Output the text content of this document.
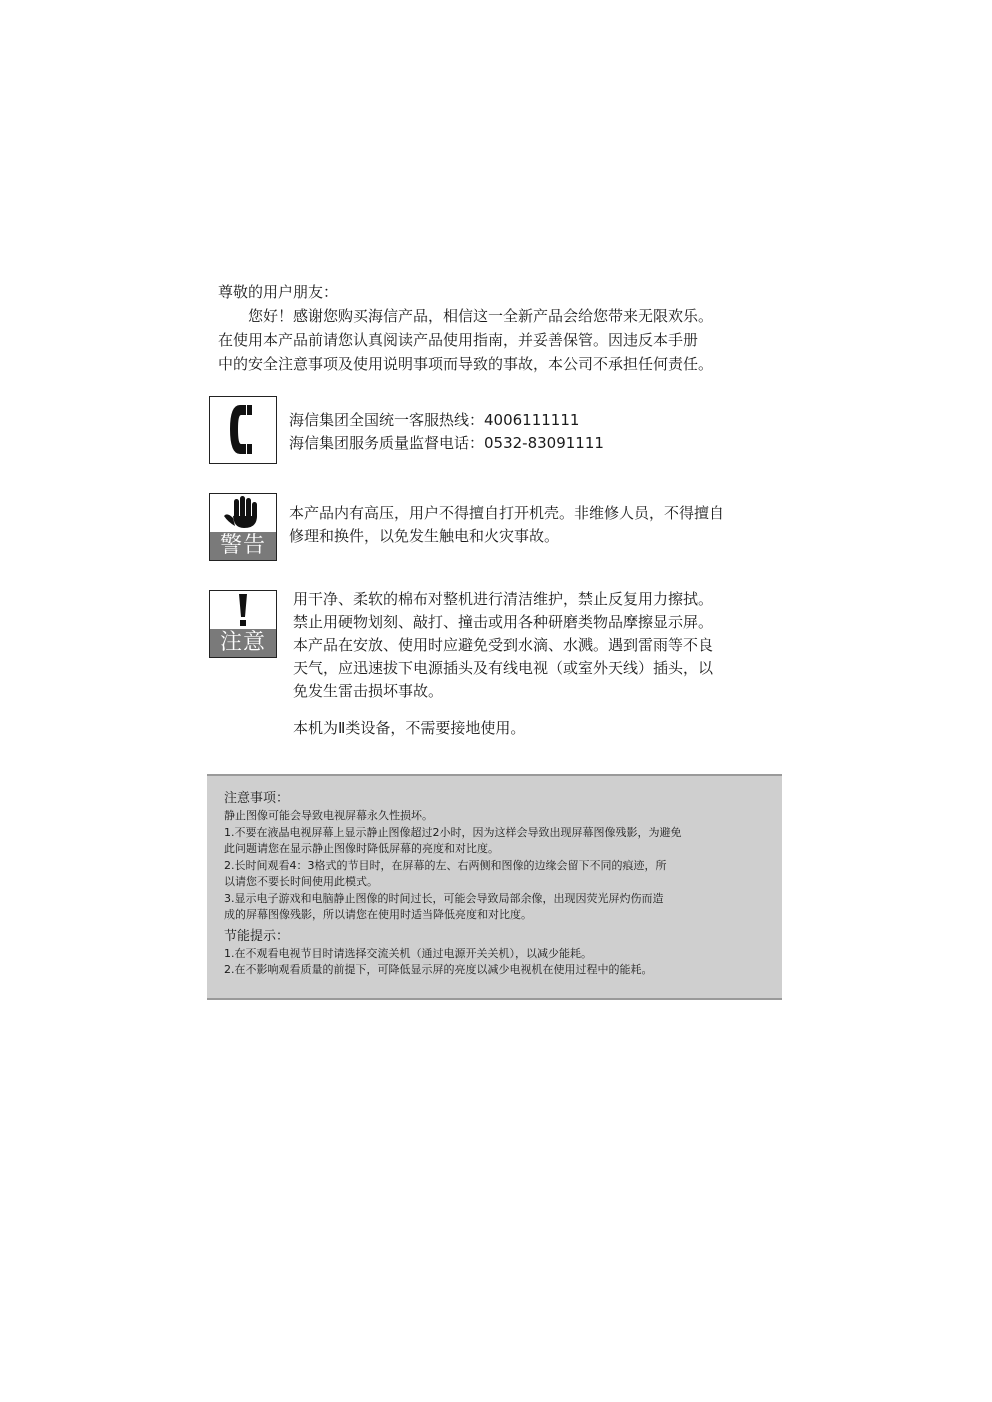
尊敬的用户朋友：

您好！感谢您购买海信产品，相信这一全新产品会给您带来无限欢乐。

在使用本产品前请您认真阅读产品使用指南，并妥善保管。因违反本手册

中的安全注意事项及使用说明事项而导致的事故，本公司不承担任何责任。

海信集团全国统一客服热线：4006111111

海信集团服务质量监督电话：0532-83091111

警告

本产品内有高压，用户不得擅自打开机壳。非维修人员，不得擅自

修理和换件，以免发生触电和火灾事故。

注意

用干净、柔软的棉布对整机进行清洁维护，禁止反复用力擦拭。

禁止用硬物划刻、敲打、撞击或用各种研磨类物品摩擦显示屏。

本产品在安放、使用时应避免受到水滴、水溅。遇到雷雨等不良

天气，应迅速拔下电源插头及有线电视（或室外天线）插头，以

免发生雷击损坏事故。

本机为Ⅱ类设备，不需要接地使用。

注意事项：

静止图像可能会导致电视屏幕永久性损坏。

1.不要在液晶电视屏幕上显示静止图像超过2小时，因为这样会导致出现屏幕图像残影，为避免

此问题请您在显示静止图像时降低屏幕的亮度和对比度。

2.长时间观看4：3格式的节目时，在屏幕的左、右两侧和图像的边缘会留下不同的痕迹，所

以请您不要长时间使用此模式。

3.显示电子游戏和电脑静止图像的时间过长，可能会导致局部余像，出现因荧光屏灼伤而造

成的屏幕图像残影，所以请您在使用时适当降低亮度和对比度。

节能提示：

1.在不观看电视节目时请选择交流关机（通过电源开关关机），以减少能耗。

2.在不影响观看质量的前提下，可降低显示屏的亮度以减少电视机在使用过程中的能耗。
